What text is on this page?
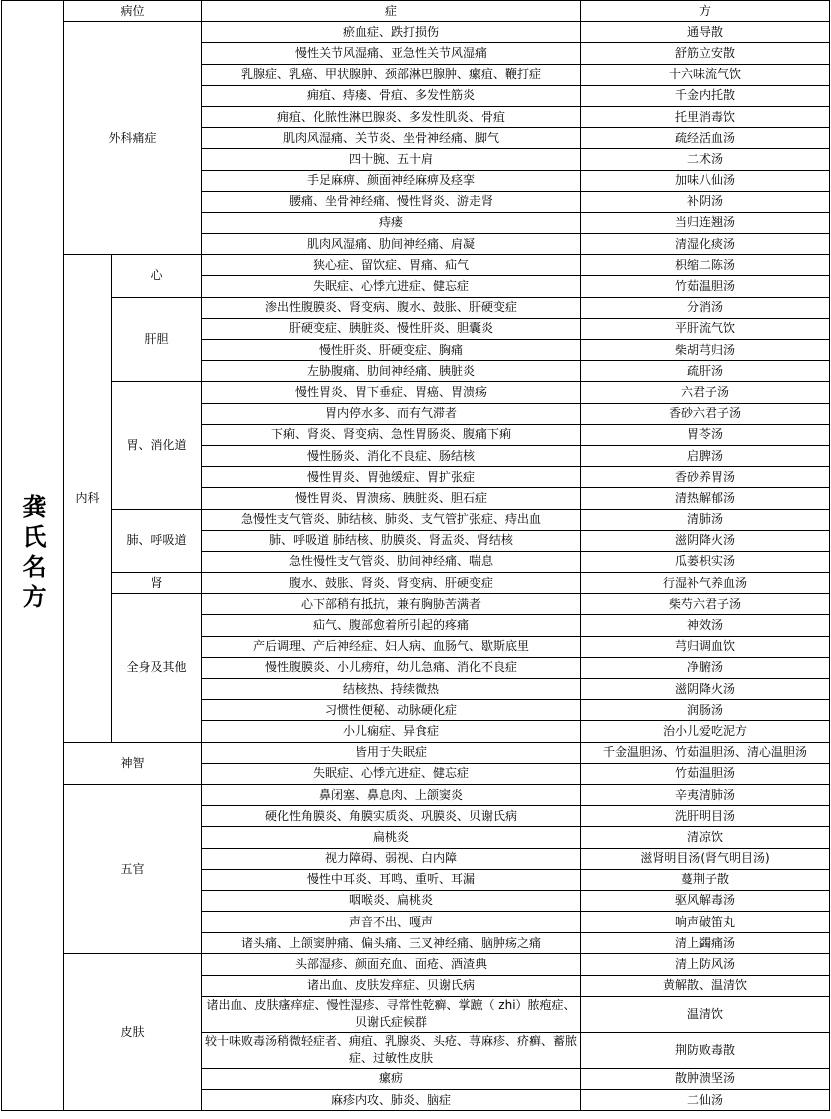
龚氏名方	病位		症	方
	外科痛症		瘀血症、跌打损伤	通导散
			慢性关节风湿痛、亚急性关节风湿痛	舒筋立安散
			乳腺症、乳癌、甲状腺肿、颈部淋巴腺肿、瘰疽、鞭打症	十六味流气饮
			痈疽、痔瘘、骨疽、多发性筋炎	千金内托散
			痈疽、化脓性淋巴腺炎、多发性肌炎、骨疽	托里消毒饮
			肌肉风湿痛、关节炎、坐骨神经痛、脚气	疏经活血汤
			四十腕、五十肩	二术汤
			手足麻痹、颜面神经麻痹及痉挛	加味八仙汤
			腰痛、坐骨神经痛、慢性肾炎、游走肾	补阴汤
			痔瘘	当归连翘汤
			肌肉风湿痛、肋间神经痛、肩凝	清湿化痰汤
	内科	心	狭心症、留饮症、胃痛、疝气	枳缩二陈汤
			失眠症、心悸亢进症、健忘症	竹茹温胆汤
		肝胆	渗出性腹膜炎、肾变病、腹水、鼓胀、肝硬变症	分消汤
			肝硬变症、胰脏炎、慢性肝炎、胆囊炎	平肝流气饮
			慢性肝炎、肝硬变症、胸痛	柴胡芎归汤
			左胁腹痛、肋间神经痛、胰脏炎	疏肝汤
		胃、消化道	慢性胃炎、胃下垂症、胃癌、胃溃疡	六君子汤
			胃内停水多、而有气滞者	香砂六君子汤
			下痢、肾炎、肾变病、急性胃肠炎、腹痛下痢	胃苓汤
			慢性肠炎、消化不良症、肠结核	启脾汤
			慢性胃炎、胃弛缓症、胃扩张症	香砂养胃汤
			慢性胃炎、胃溃疡、胰脏炎、胆石症	清热解郁汤
		肺、呼吸道	急慢性支气管炎、肺结核、肺炎、支气管扩张症、痔出血	清肺汤
			肺、呼吸道 肺结核、肋膜炎、肾盂炎、肾结核	滋阴降火汤
			急性慢性支气管炎、肋间神经痛、喘息	瓜蒌枳实汤
		肾	腹水、鼓胀、肾炎、肾变病、肝硬变症	行湿补气养血汤
		全身及其他	心下部稍有抵抗，兼有胸胁苦满者	柴芍六君子汤
			疝气、腹部愈着所引起的疼痛	神效汤
			产后调理、产后神经症、妇人病、血肠气、歇斯底里	芎归调血饮
			慢性腹膜炎、小儿痨疳，幼儿急痛、消化不良症	净腑汤
			结核热、持续微热	滋阴降火汤
			习惯性便秘、动脉硬化症	润肠汤
			小儿痫症、异食症	治小儿爱吃泥方
	神智		皆用于失眠症	千金温胆汤、竹茹温胆汤、清心温胆汤
			失眠症、心悸亢进症、健忘症	竹茹温胆汤
	五官		鼻闭塞、鼻息肉、上颌窦炎	辛夷清肺汤
			硬化性角膜炎、角膜实质炎、巩膜炎、贝谢氏病	洗肝明目汤
			扁桃炎	清凉饮
			视力障碍、弱视、白内障	滋肾明目汤(肾气明目汤)
			慢性中耳炎、耳鸣、重听、耳漏	蔓荆子散
			咽喉炎、扁桃炎	驱风解毒汤
			声音不出、嘎声	响声破笛丸
			诸头痛、上颌窦肿痛、偏头痛、三叉神经痛、脑肿疡之痛	清上蠲痛汤
	皮肤		头部湿疹、颜面充血、面疮、酒渣典	清上防风汤
			诸出血、皮肤发痒症、贝谢氏病	黄解散、温清饮
			诸出血、皮肤瘙痒症、慢性湿疹、寻常性乾癣、掌蹠（ zhi）脓疱症、贝谢氏症候群	温清饮
			较十味败毒汤稍微轻症者、痈疽、乳腺炎、头疮、荨麻疹、疥癣、蓄脓症、过敏性皮肤	荆防败毒散
			瘰疬	散肿溃坚汤
			麻疹内攻、肺炎、脑症	二仙汤
